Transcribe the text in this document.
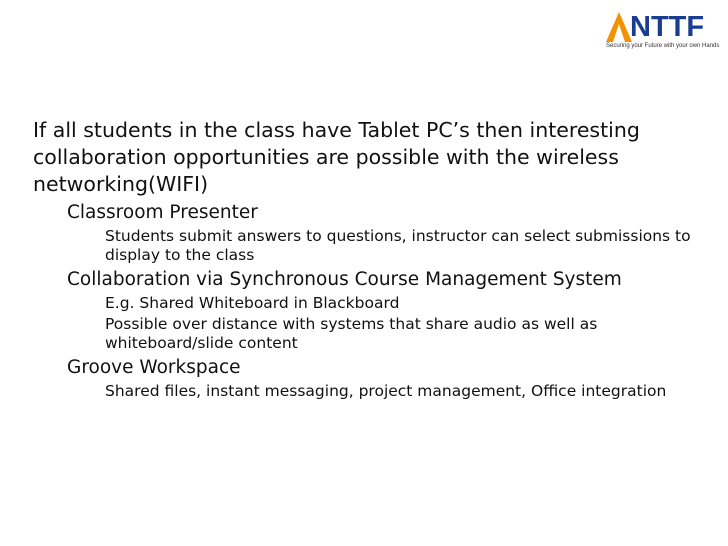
NTTF
Securing your Future with your own Hands

If all students in the class have Tablet PC’s then interesting collaboration opportunities are possible with the wireless networking(WIFI)

Classroom Presenter

Students submit answers to questions, instructor can select submissions to display to the class

Collaboration via Synchronous Course Management System

E.g. Shared Whiteboard in Blackboard

Possible over distance with systems that share audio as well as whiteboard/slide content

Groove Workspace

Shared files, instant messaging, project management, Office integration
